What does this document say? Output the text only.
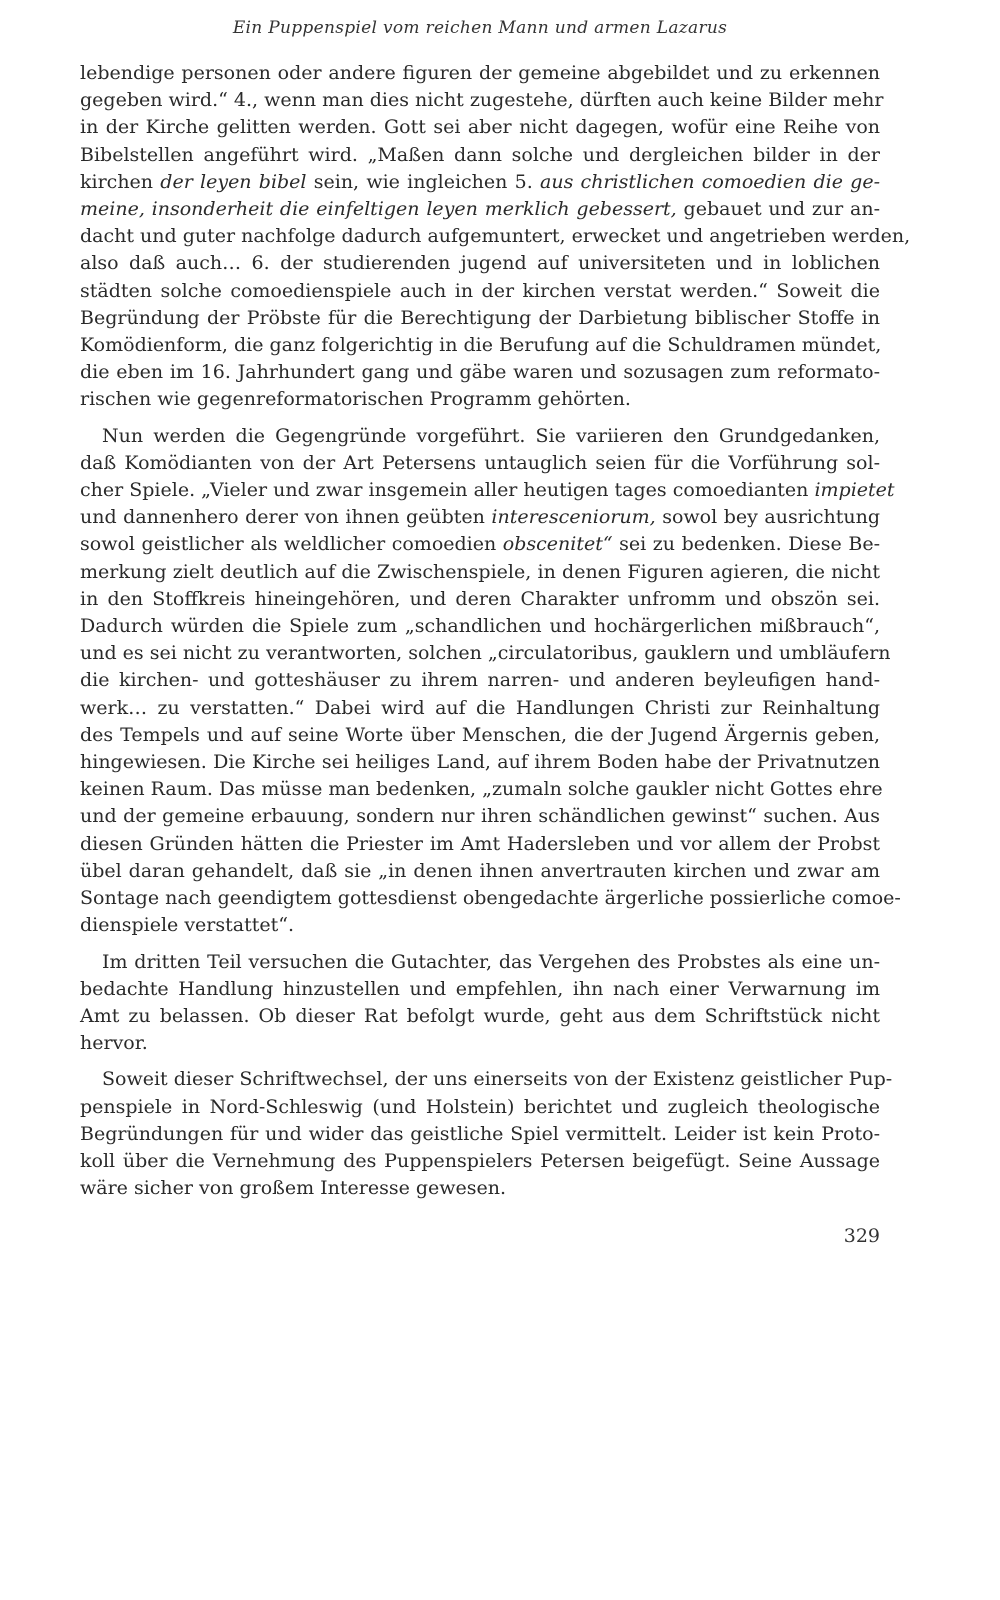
Ein Puppenspiel vom reichen Mann und armen Lazarus
lebendige personen oder andere figuren der gemeine abgebildet und zu erkennen
gegeben wird.“ 4., wenn man dies nicht zugestehe, dürften auch keine Bilder mehr
in der Kirche gelitten werden. Gott sei aber nicht dagegen, wofür eine Reihe von
Bibelstellen angeführt wird. „Maßen dann solche und dergleichen bilder in der
kirchen der leyen bibel sein, wie ingleichen 5. aus christlichen comoedien die ge-
meine, insonderheit die einfeltigen leyen merklich gebessert, gebauet und zur an-
dacht und guter nachfolge dadurch aufgemuntert, erwecket und angetrieben werden,
also daß auch… 6. der studierenden jugend auf universiteten und in loblichen
städten solche comoedienspiele auch in der kirchen verstat werden.“ Soweit die
Begründung der Pröbste für die Berechtigung der Darbietung biblischer Stoffe in
Komödienform, die ganz folgerichtig in die Berufung auf die Schuldramen mündet,
die eben im 16. Jahrhundert gang und gäbe waren und sozusagen zum reformato-
rischen wie gegenreformatorischen Programm gehörten.
Nun werden die Gegengründe vorgeführt. Sie variieren den Grundgedanken,
daß Komödianten von der Art Petersens untauglich seien für die Vorführung sol-
cher Spiele. „Vieler und zwar insgemein aller heutigen tages comoedianten impietet
und dannenhero derer von ihnen geübten interesceniorum, sowol bey ausrichtung
sowol geistlicher als weldlicher comoedien obscenitet“ sei zu bedenken. Diese Be-
merkung zielt deutlich auf die Zwischenspiele, in denen Figuren agieren, die nicht
in den Stoffkreis hineingehören, und deren Charakter unfromm und obszön sei.
Dadurch würden die Spiele zum „schandlichen und hochärgerlichen mißbrauch“,
und es sei nicht zu verantworten, solchen „circulatoribus, gauklern und umbläufern
die kirchen- und gotteshäuser zu ihrem narren- und anderen beyleufigen hand-
werk… zu verstatten.“ Dabei wird auf die Handlungen Christi zur Reinhaltung
des Tempels und auf seine Worte über Menschen, die der Jugend Ärgernis geben,
hingewiesen. Die Kirche sei heiliges Land, auf ihrem Boden habe der Privatnutzen
keinen Raum. Das müsse man bedenken, „zumaln solche gaukler nicht Gottes ehre
und der gemeine erbauung, sondern nur ihren schändlichen gewinst“ suchen. Aus
diesen Gründen hätten die Priester im Amt Hadersleben und vor allem der Probst
übel daran gehandelt, daß sie „in denen ihnen anvertrauten kirchen und zwar am
Sontage nach geendigtem gottesdienst obengedachte ärgerliche possierliche comoe-
dienspiele verstattet“.
Im dritten Teil versuchen die Gutachter, das Vergehen des Probstes als eine un-
bedachte Handlung hinzustellen und empfehlen, ihn nach einer Verwarnung im
Amt zu belassen. Ob dieser Rat befolgt wurde, geht aus dem Schriftstück nicht
hervor.
Soweit dieser Schriftwechsel, der uns einerseits von der Existenz geistlicher Pup-
penspiele in Nord-Schleswig (und Holstein) berichtet und zugleich theologische
Begründungen für und wider das geistliche Spiel vermittelt. Leider ist kein Proto-
koll über die Vernehmung des Puppenspielers Petersen beigefügt. Seine Aussage
wäre sicher von großem Interesse gewesen.
329
